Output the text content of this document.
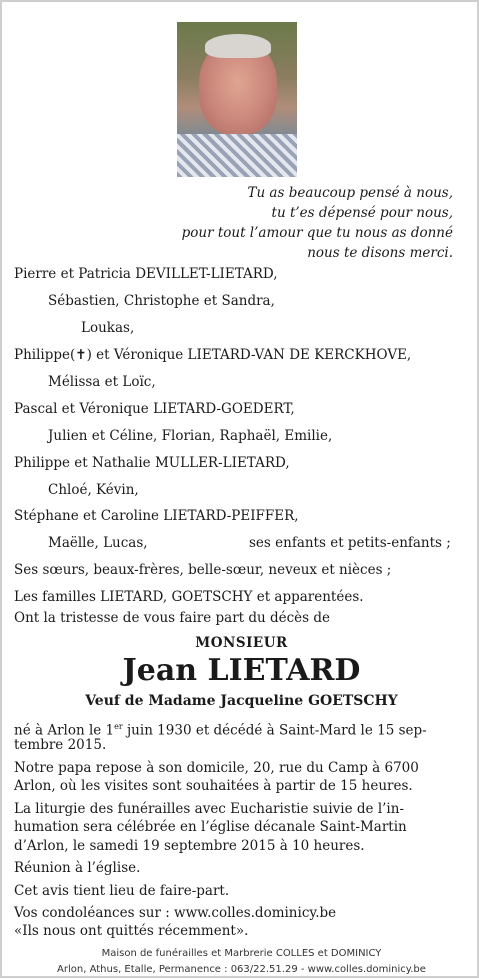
Tu as beaucoup pensé à nous,
tu t’es dépensé pour nous,
pour tout l’amour que tu nous as donné
nous te disons merci.
Pierre et Patricia DEVILLET-LIETARD,
Sébastien, Christophe et Sandra,
Loukas,
Philippe(✝) et Véronique LIETARD-VAN DE KERCKHOVE,
Mélissa et Loïc,
Pascal et Véronique LIETARD-GOEDERT,
Julien et Céline, Florian, Raphaël, Emilie,
Philippe et Nathalie MULLER-LIETARD,
Chloé, Kévin,
Stéphane et Caroline LIETARD-PEIFFER,
Maëlle, Lucas,	ses enfants et petits-enfants ;
Ses sœurs, beaux-frères, belle-sœur, neveux et nièces ;
Les familles LIETARD, GOETSCHY et apparentées.
Ont la tristesse de vous faire part du décès de
MONSIEUR
Jean LIETARD
Veuf de Madame Jacqueline GOETSCHY
né à Arlon le 1er juin 1930 et décédé à Saint-Mard le 15 sep-
tembre 2015.
Notre papa repose à son domicile, 20, rue du Camp à 6700
Arlon, où les visites sont souhaitées à partir de 15 heures.
La liturgie des funérailles avec Eucharistie suivie de l’in-
humation sera célébrée en l’église décanale Saint-Martin
d’Arlon, le samedi 19 septembre 2015 à 10 heures.
Réunion à l’église.
Cet avis tient lieu de faire-part.
Vos condoléances sur : www.colles.dominicy.be
«Ils nous ont quittés récemment».
Maison de funérailles et Marbrerie COLLES et DOMINICY
Arlon, Athus, Etalle, Permanence : 063/22.51.29 - www.colles.dominicy.be
